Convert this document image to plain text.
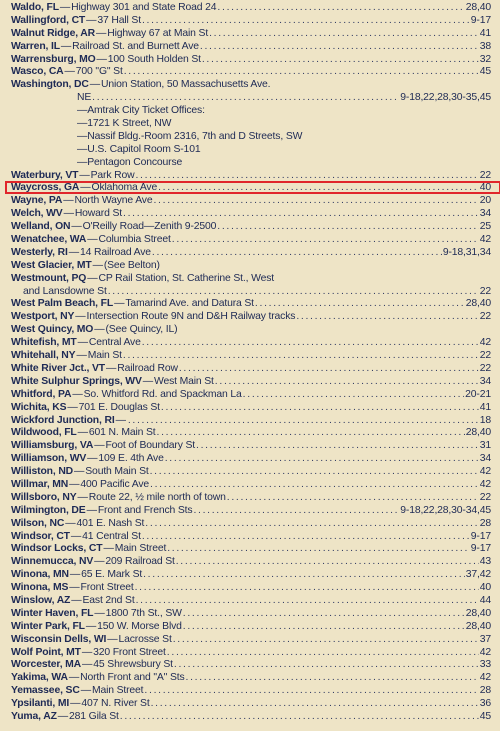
Waldo, FL — Highway 301 and State Road 24 . . .	28,40
Wallingford, CT — 37 Hall St . . .	9-17
Walnut Ridge, AR — Highway 67 at Main St . . .	41
Warren, IL — Railroad St. and Burnett Ave . . .	38
Warrensburg, MO — 100 South Holden St . . .	32
Wasco, CA — 700 "G" St . . .	45
Washington, DC — Union Station, 50 Massachusetts Ave.
NE . . .	9-18,22,28,30-35,45
—Amtrak City Ticket Offices:
—1721 K Street, NW
—Nassif Bldg.-Room 2316, 7th and D Streets, SW
—U.S. Capitol Room S-101
—Pentagon Concourse
Waterbury, VT — Park Row . . .	22
Waycross, GA — Oklahoma Ave . . .	40
Wayne, PA — North Wayne Ave . . .	20
Welch, WV — Howard St . . .	34
Welland, ON — O'Reilly Road—Zenith 9-2500 . . .	25
Wenatchee, WA — Columbia Street . . .	42
Westerly, RI — 14 Railroad Ave . . .	9-18,31,34
West Glacier, MT — (See Belton)
Westmount, PQ — CP Rail Station, St. Catherine St., West
and Lansdowne St . . .	22
West Palm Beach, FL — Tamarind Ave. and Datura St . . .	28,40
Westport, NY — Intersection Route 9N and D&H Railway tracks . . .	22
West Quincy, MO — (See Quincy, IL)
Whitefish, MT — Central Ave . . .	42
Whitehall, NY — Main St . . .	22
White River Jct., VT — Railroad Row . . .	22
White Sulphur Springs, WV — West Main St . . .	34
Whitford, PA — So. Whitford Rd. and Spackman La . . .	20-21
Wichita, KS — 701 E. Douglas St . . .	41
Wickford Junction, RI — . . .	18
Wildwood, FL — 601 N. Main St . . .	28,40
Williamsburg, VA — Foot of Boundary St . . .	31
Williamson, WV — 109 E. 4th Ave . . .	34
Williston, ND — South Main St . . .	42
Willmar, MN — 400 Pacific Ave . . .	42
Willsboro, NY — Route 22, ½ mile north of town . . .	22
Wilmington, DE — Front and French Sts . . .	9-18,22,28,30-34,45
Wilson, NC — 401 E. Nash St . . .	28
Windsor, CT — 41 Central St . . .	9-17
Windsor Locks, CT — Main Street . . .	9-17
Winnemucca, NV — 209 Railroad St . . .	43
Winona, MN — 65 E. Mark St . . .	37,42
Winona, MS — Front Street . . .	40
Winslow, AZ — East 2nd St . . .	44
Winter Haven, FL — 1800 7th St., SW . . .	28,40
Winter Park, FL — 150 W. Morse Blvd . . .	28,40
Wisconsin Dells, WI — Lacrosse St . . .	37
Wolf Point, MT — 320 Front Street . . .	42
Worcester, MA — 45 Shrewsbury St . . .	33
Yakima, WA — North Front and "A" Sts . . .	42
Yemassee, SC — Main Street . . .	28
Ypsilanti, MI — 407 N. River St . . .	36
Yuma, AZ — 281 Gila St . . .	45
